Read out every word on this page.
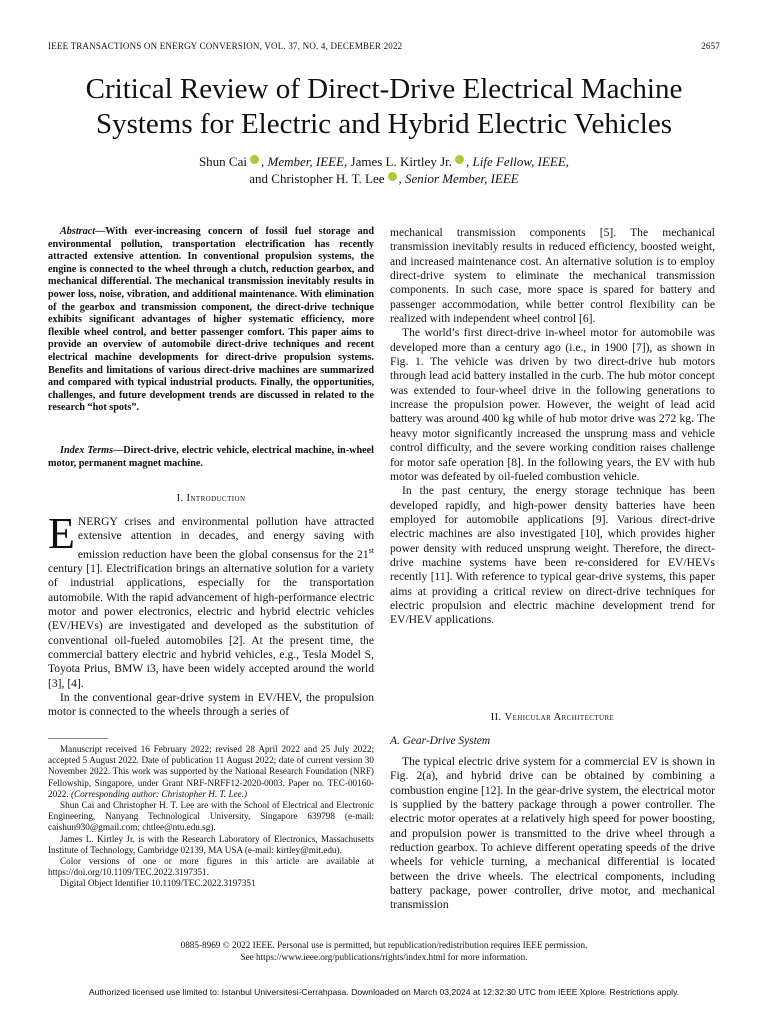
IEEE TRANSACTIONS ON ENERGY CONVERSION, VOL. 37, NO. 4, DECEMBER 2022	2657
Critical Review of Direct-Drive Electrical Machine
Systems for Electric and Hybrid Electric Vehicles
Shun Cai , Member, IEEE, James L. Kirtley Jr. , Life Fellow, IEEE,
and Christopher H. T. Lee , Senior Member, IEEE

Abstract—With ever-increasing concern of fossil fuel storage and environmental pollution, transportation electrification has recently attracted extensive attention. In conventional propulsion systems, the engine is connected to the wheel through a clutch, reduction gearbox, and mechanical differential. The mechanical transmission inevitably results in power loss, noise, vibration, and additional maintenance. With elimination of the gearbox and transmission component, the direct-drive technique exhibits significant advantages of higher systematic efficiency, more flexible wheel control, and better passenger comfort. This paper aims to provide an overview of automobile direct-drive techniques and recent electrical machine developments for direct-drive propulsion systems. Benefits and limitations of various direct-drive machines are summarized and compared with typical industrial products. Finally, the opportunities, challenges, and future development trends are discussed in related to the research “hot spots”.

Index Terms—Direct-drive, electric vehicle, electrical machine, in-wheel motor, permanent magnet machine.

I. Introduction

ENERGY crises and environmental pollution have attracted extensive attention in decades, and energy saving with emission reduction have been the global consensus for the 21st century [1]. Electrification brings an alternative solution for a variety of industrial applications, especially for the transportation automobile. With the rapid advancement of high-performance electric motor and power electronics, electric and hybrid electric vehicles (EV/HEVs) are investigated and developed as the substitution of conventional oil-fueled automobiles [2]. At the present time, the commercial battery electric and hybrid vehicles, e.g., Tesla Model S, Toyota Prius, BMW i3, have been widely accepted around the world [3], [4].

In the conventional gear-drive system in EV/HEV, the propulsion motor is connected to the wheels through a series of

Manuscript received 16 February 2022; revised 28 April 2022 and 25 July 2022; accepted 5 August 2022. Date of publication 11 August 2022; date of current version 30 November 2022. This work was supported by the National Research Foundation (NRF) Fellowship, Singapore, under Grant NRF-NRFF12-2020-0003. Paper no. TEC-00160-2022. (Corresponding author: Christopher H. T. Lee.)

Shun Cai and Christopher H. T. Lee are with the School of Electrical and Electronic Engineering, Nanyang Technological University, Singapore 639798 (e-mail: caishun930@gmail.com; chtlee@ntu.edu.sg).

James L. Kirtley Jr. is with the Research Laboratory of Electronics, Massachusetts Institute of Technology, Cambridge 02139, MA USA (e-mail: kirtley@mit.edu).

Color versions of one or more figures in this article are available at https://doi.org/10.1109/TEC.2022.3197351.

Digital Object Identifier 10.1109/TEC.2022.3197351

mechanical transmission components [5]. The mechanical transmission inevitably results in reduced efficiency, boosted weight, and increased maintenance cost. An alternative solution is to employ direct-drive system to eliminate the mechanical transmission components. In such case, more space is spared for battery and passenger accommodation, while better control flexibility can be realized with independent wheel control [6].

The world’s first direct-drive in-wheel motor for automobile was developed more than a century ago (i.e., in 1900 [7]), as shown in Fig. 1. The vehicle was driven by two direct-drive hub motors through lead acid battery installed in the curb. The hub motor concept was extended to four-wheel drive in the following generations to increase the propulsion power. However, the weight of lead acid battery was around 400 kg while of hub motor drive was 272 kg. The heavy motor significantly increased the unsprung mass and vehicle control difficulty, and the severe working condition raises challenge for motor safe operation [8]. In the following years, the EV with hub motor was defeated by oil-fueled combustion vehicle.

In the past century, the energy storage technique has been developed rapidly, and high-power density batteries have been employed for automobile applications [9]. Various direct-drive electric machines are also investigated [10], which provides higher power density with reduced unsprung weight. Therefore, the direct-drive machine systems have been re-considered for EV/HEVs recently [11]. With reference to typical gear-drive systems, this paper aims at providing a critical review on direct-drive techniques for electric propulsion and electric machine development trend for EV/HEV applications.

II. Vehicular Architecture
A. Gear-Drive System

The typical electric drive system for a commercial EV is shown in Fig. 2(a), and hybrid drive can be obtained by combining a combustion engine [12]. In the gear-drive system, the electrical motor is supplied by the battery package through a power controller. The electric motor operates at a relatively high speed for power boosting, and propulsion power is transmitted to the drive wheel through a reduction gearbox. To achieve different operating speeds of the drive wheels for vehicle turning, a mechanical differential is located between the drive wheels. The electrical components, including battery package, power controller, drive motor, and mechanical transmission

0885-8969 © 2022 IEEE. Personal use is permitted, but republication/redistribution requires IEEE permission.
See https://www.ieee.org/publications/rights/index.html for more information.
Authorized licensed use limited to: Istanbul Universitesi-Cerrahpasa. Downloaded on March 03,2024 at 12:32:30 UTC from IEEE Xplore. Restrictions apply.
